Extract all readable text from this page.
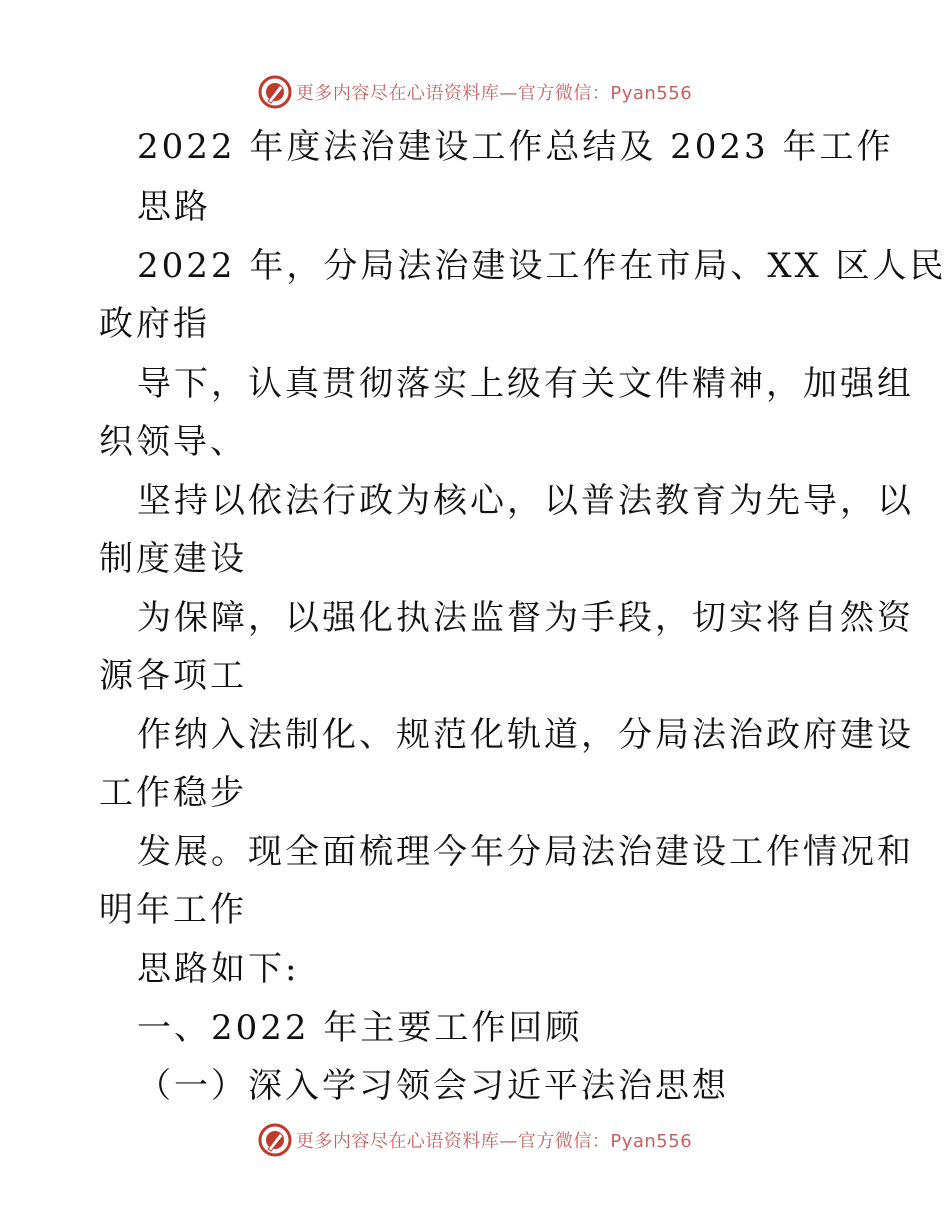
更多内容尽在心语资料库—官方微信：Pyan556
2022 年度法治建设工作总结及 2023 年工作
思路
2022 年，分局法治建设工作在市局、XX 区人民
政府指
导下，认真贯彻落实上级有关文件精神，加强组
织领导、
坚持以依法行政为核心，以普法教育为先导，以
制度建设
为保障，以强化执法监督为手段，切实将自然资
源各项工
作纳入法制化、规范化轨道，分局法治政府建设
工作稳步
发展。现全面梳理今年分局法治建设工作情况和
明年工作
思路如下:
一、2022 年主要工作回顾
（一）深入学习领会习近平法治思想
更多内容尽在心语资料库—官方微信：Pyan556
